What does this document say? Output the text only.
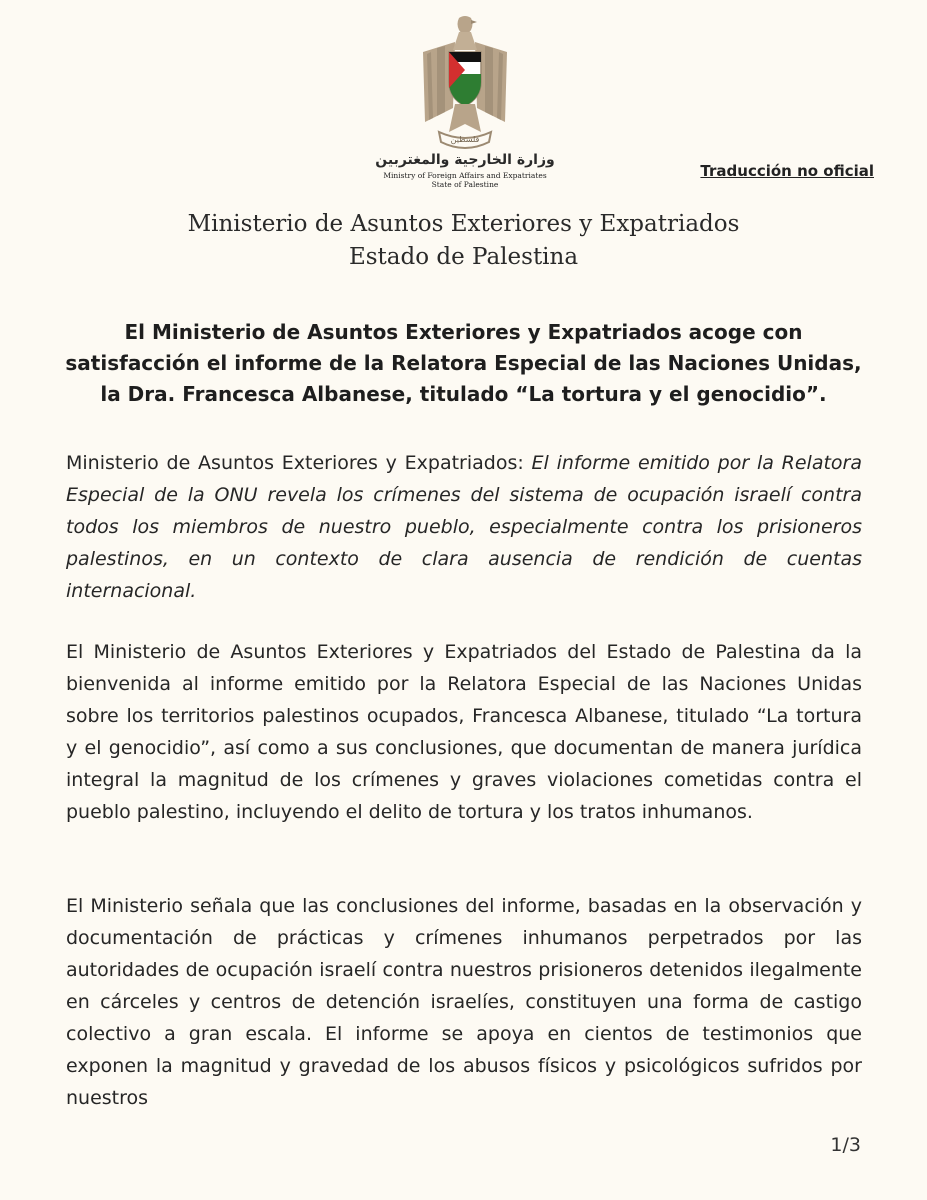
فلسطين
وزارة الخارجية والمغتربين
Ministry of Foreign Affairs and Expatriates
State of Palestine
Traducción no oficial
Ministerio de Asuntos Exteriores y Expatriados
Estado de Palestina
El Ministerio de Asuntos Exteriores y Expatriados acoge con
satisfacción el informe de la Relatora Especial de las Naciones Unidas,
la Dra. Francesca Albanese, titulado “La tortura y el genocidio”.
Ministerio de Asuntos Exteriores y Expatriados: El informe emitido por la Relatora Especial de la ONU revela los crímenes del sistema de ocupación israelí contra todos los miembros de nuestro pueblo, especialmente contra los prisioneros palestinos, en un contexto de clara ausencia de rendición de cuentas internacional.
El Ministerio de Asuntos Exteriores y Expatriados del Estado de Palestina da la bienvenida al informe emitido por la Relatora Especial de las Naciones Unidas sobre los territorios palestinos ocupados, Francesca Albanese, titulado “La tortura y el genocidio”, así como a sus conclusiones, que documentan de manera jurídica integral la magnitud de los crímenes y graves violaciones cometidas contra el pueblo palestino, incluyendo el delito de tortura y los tratos inhumanos.
El Ministerio señala que las conclusiones del informe, basadas en la observación y documentación de prácticas y crímenes inhumanos perpetrados por las autoridades de ocupación israelí contra nuestros prisioneros detenidos ilegalmente en cárceles y centros de detención israelíes, constituyen una forma de castigo colectivo a gran escala. El informe se apoya en cientos de testimonios que exponen la magnitud y gravedad de los abusos físicos y psicológicos sufridos por nuestros
1/3
